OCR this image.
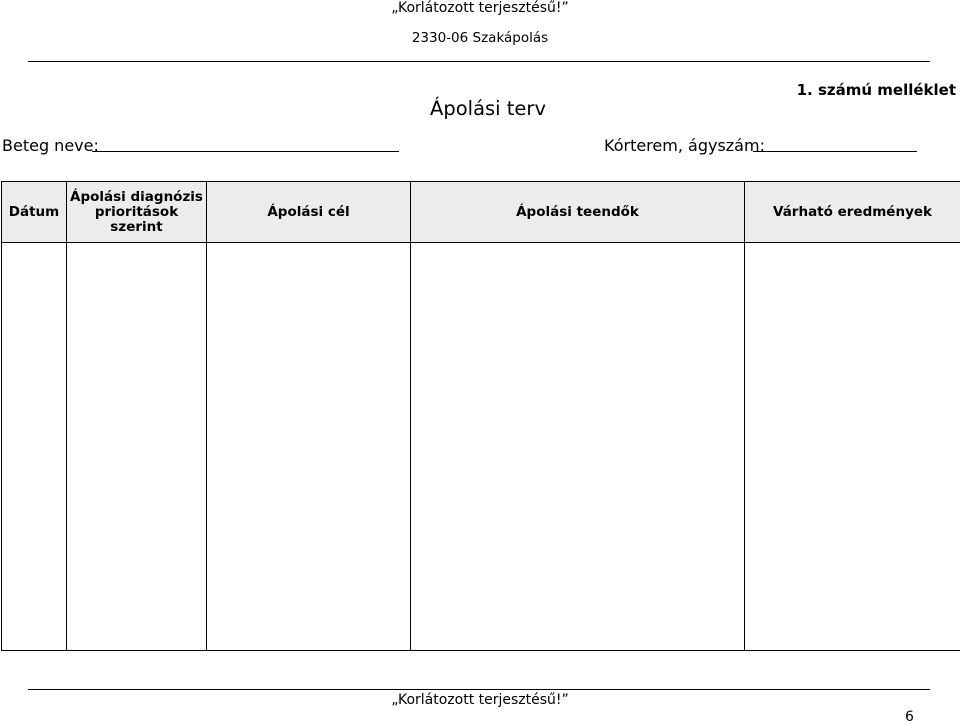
„Korlátozott terjesztésű!”
2330-06 Szakápolás
Ápolási terv
1. számú melléklet
Beteg neve:	Kórterem, ágyszám:
Dátum	Ápolási diagnózis prioritások szerint	Ápolási cél	Ápolási teendők	Várható eredmények

„Korlátozott terjesztésű!”
6
